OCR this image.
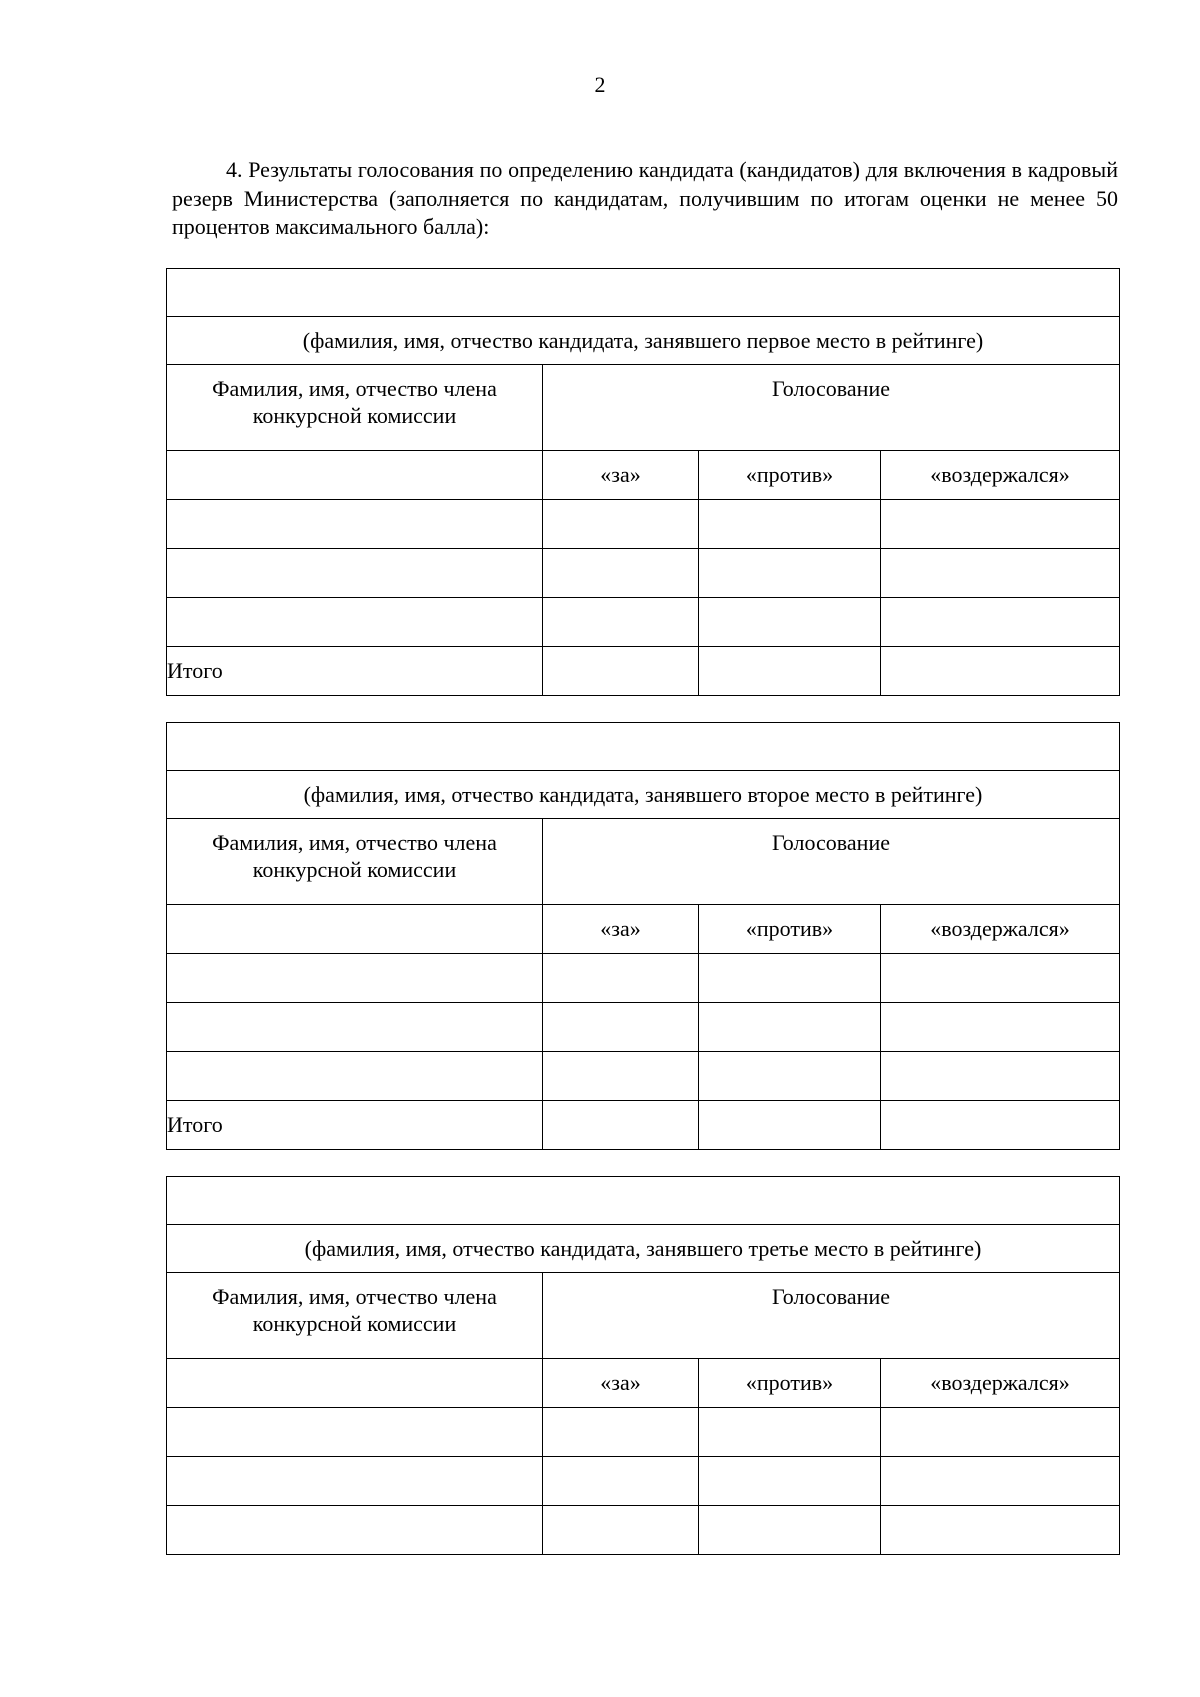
2

4. Результаты голосования по определению кандидата (кандидатов) для включения в кадровый резерв Министерства (заполняется по кандидатам, получившим по итогам оценки не менее 50 процентов максимального балла):

(фамилия, имя, отчество кандидата, занявшего первое место в рейтинге)			
Фамилия, имя, отчество члена конкурсной комиссии	Голосование		
	«за»	«против»	«воздержался»

Итого			

(фамилия, имя, отчество кандидата, занявшего второе место в рейтинге)			
Фамилия, имя, отчество члена конкурсной комиссии	Голосование		
	«за»	«против»	«воздержался»

Итого			

(фамилия, имя, отчество кандидата, занявшего третье место в рейтинге)			
Фамилия, имя, отчество члена конкурсной комиссии	Голосование		
	«за»	«против»	«воздержался»
